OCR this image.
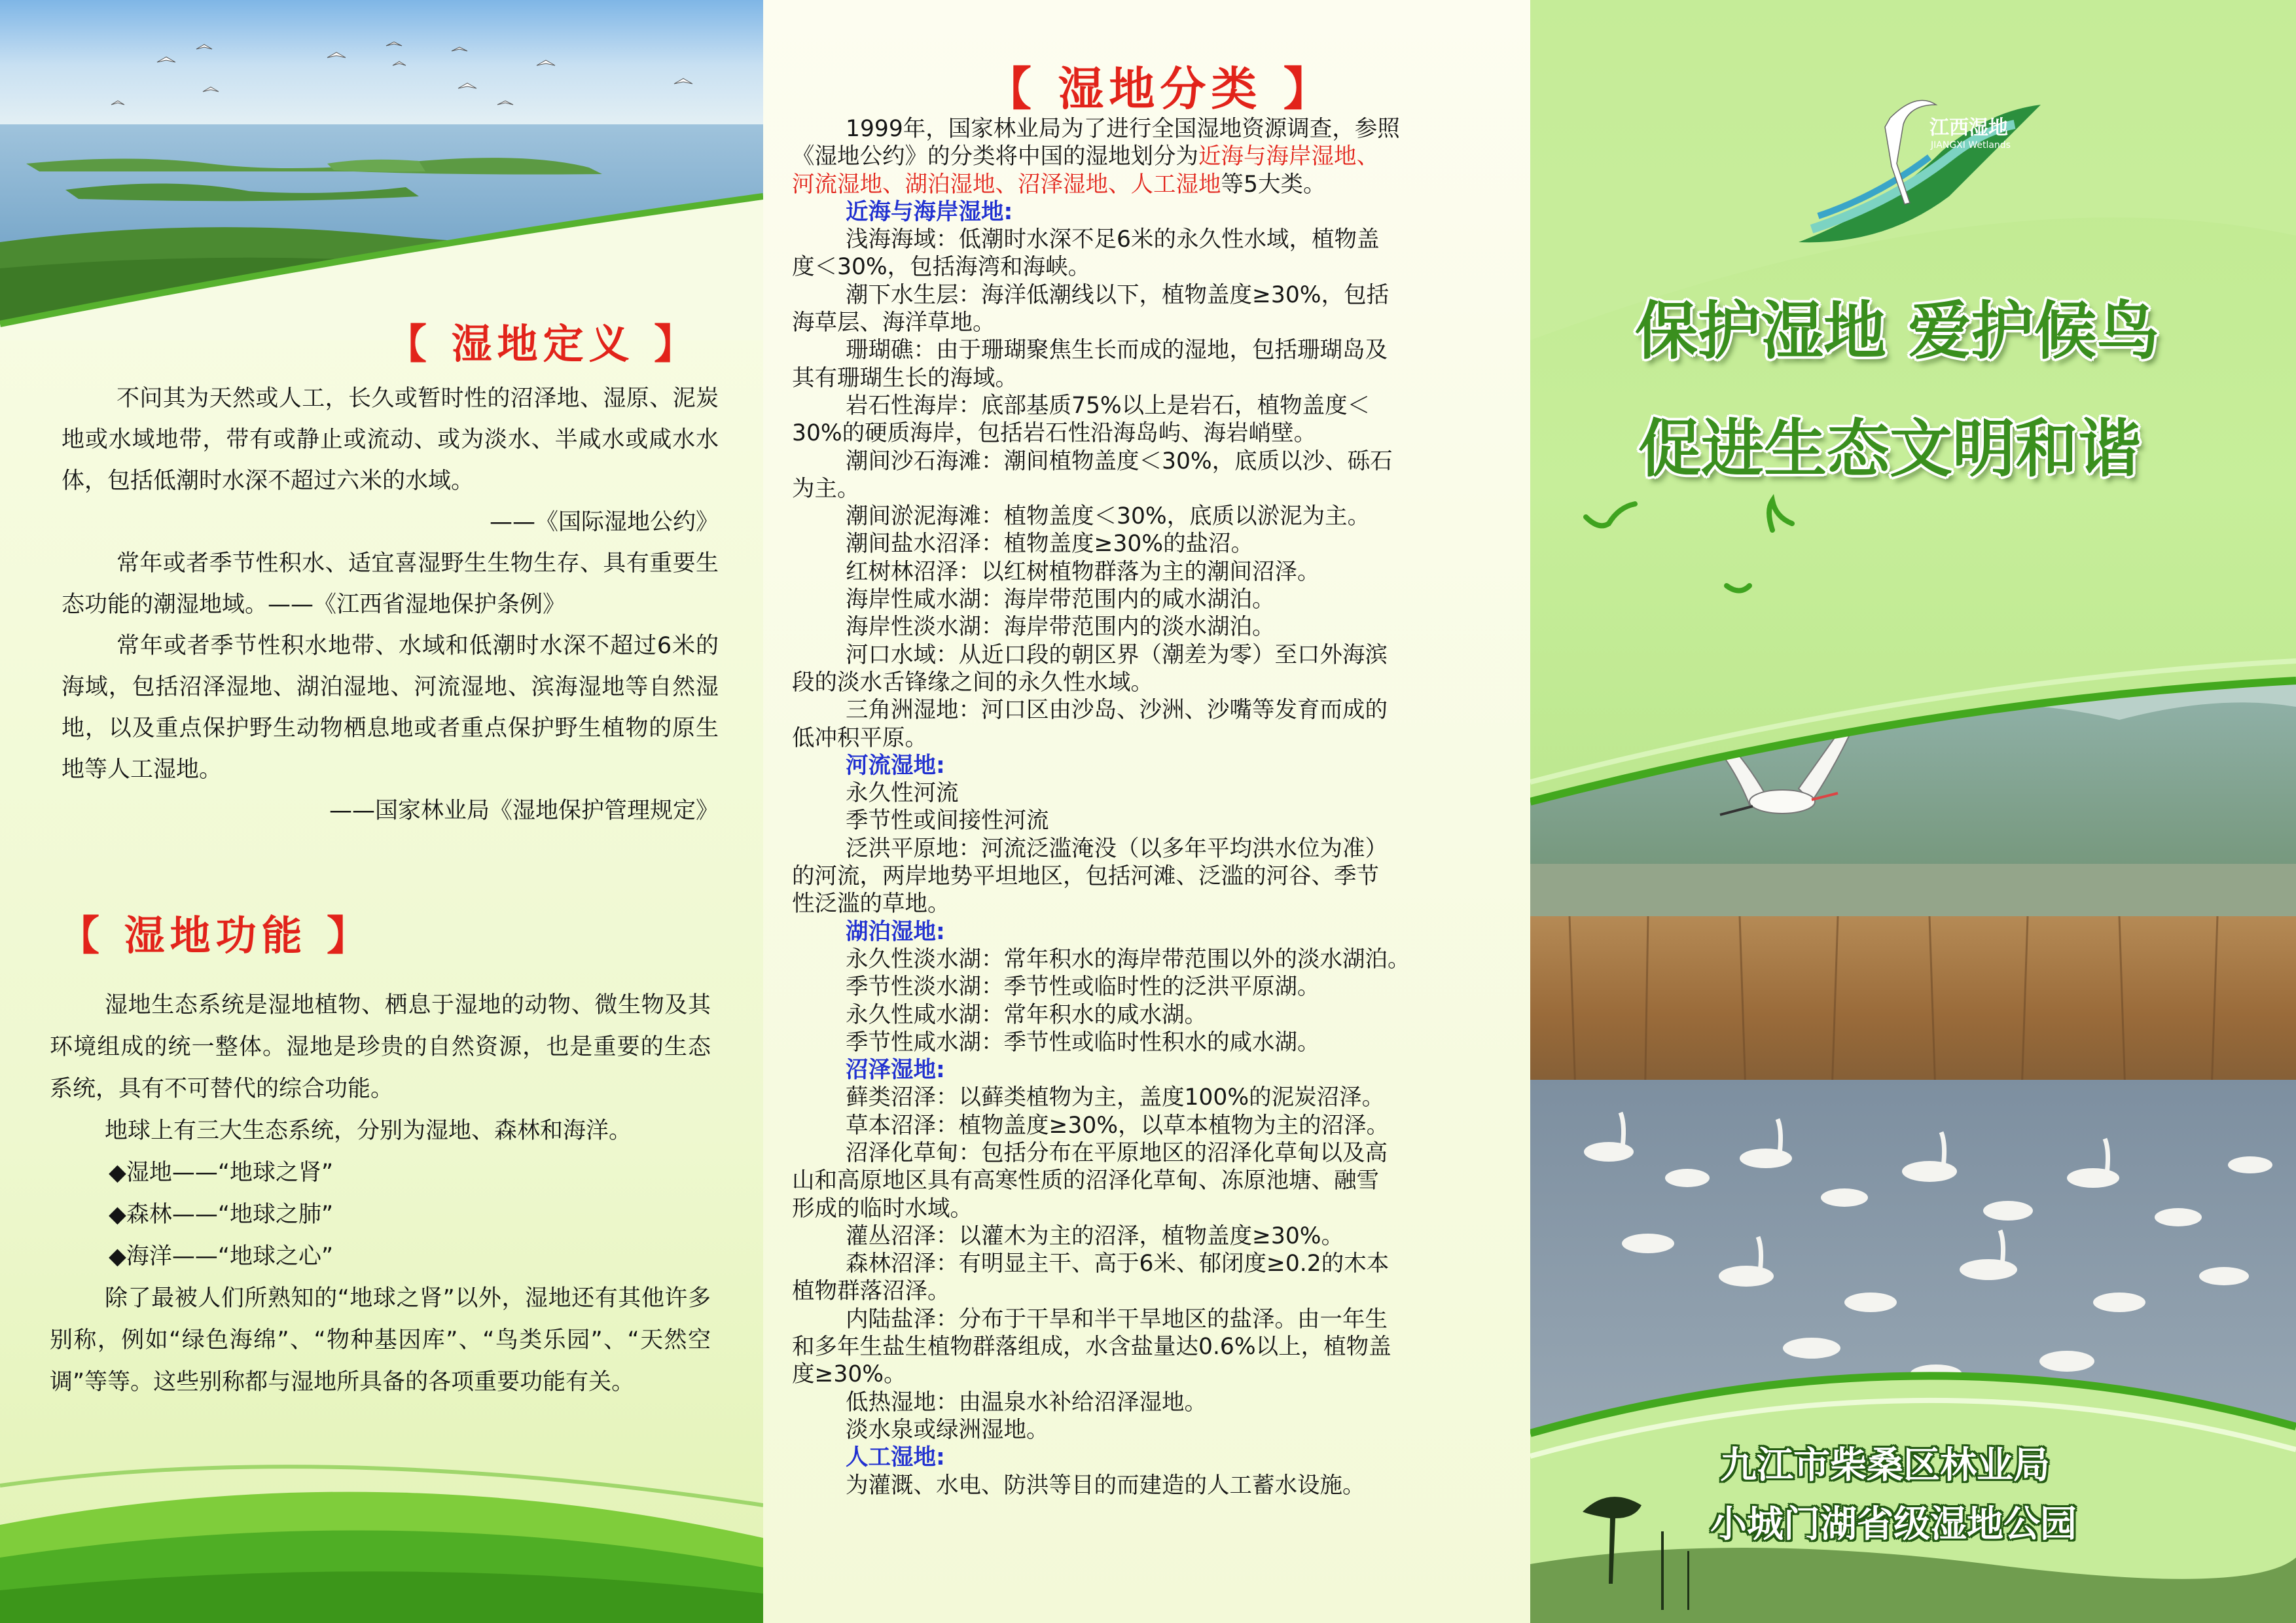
【 湿地定义 】

不问其为天然或人工，长久或暂时性的沼泽地、湿原、泥炭地或水域地带，带有或静止或流动、或为淡水、半咸水或咸水水体，包括低潮时水深不超过六米的水域。

——《国际湿地公约》

常年或者季节性积水、适宜喜湿野生生物生存、具有重要生态功能的潮湿地域。——《江西省湿地保护条例》

常年或者季节性积水地带、水域和低潮时水深不超过6米的海域，包括沼泽湿地、湖泊湿地、河流湿地、滨海湿地等自然湿地，以及重点保护野生动物栖息地或者重点保护野生植物的原生地等人工湿地。

——国家林业局《湿地保护管理规定》

【 湿地功能 】

湿地生态系统是湿地植物、栖息于湿地的动物、微生物及其环境组成的统一整体。湿地是珍贵的自然资源，也是重要的生态系统，具有不可替代的综合功能。

地球上有三大生态系统，分别为湿地、森林和海洋。

◆湿地——“地球之肾”

◆森林——“地球之肺”

◆海洋——“地球之心”

除了最被人们所熟知的“地球之肾”以外，湿地还有其他许多别称，例如“绿色海绵”、“物种基因库”、“鸟类乐园”、“天然空调”等等。这些别称都与湿地所具备的各项重要功能有关。

【 湿地分类 】

1999年，国家林业局为了进行全国湿地资源调查，参照

《湿地公约》的分类将中国的湿地划分为近海与海岸湿地、

河流湿地、湖泊湿地、沼泽湿地、人工湿地等5大类。

近海与海岸湿地:

浅海海域：低潮时水深不足6米的永久性水域，植物盖

度＜30%，包括海湾和海峡。

潮下水生层：海洋低潮线以下，植物盖度≥30%，包括

海草层、海洋草地。

珊瑚礁：由于珊瑚聚焦生长而成的湿地，包括珊瑚岛及

其有珊瑚生长的海域。

岩石性海岸：底部基质75%以上是岩石，植物盖度＜

30%的硬质海岸，包括岩石性沿海岛屿、海岩峭壁。

潮间沙石海滩：潮间植物盖度＜30%，底质以沙、砾石

为主。

潮间淤泥海滩：植物盖度＜30%，底质以淤泥为主。

潮间盐水沼泽：植物盖度≥30%的盐沼。

红树林沼泽：以红树植物群落为主的潮间沼泽。

海岸性咸水湖：海岸带范围内的咸水湖泊。

海岸性淡水湖：海岸带范围内的淡水湖泊。

河口水域：从近口段的朝区界（潮差为零）至口外海滨

段的淡水舌锋缘之间的永久性水域。

三角洲湿地：河口区由沙岛、沙洲、沙嘴等发育而成的

低冲积平原。

河流湿地:

永久性河流

季节性或间接性河流

泛洪平原地：河流泛滥淹没（以多年平均洪水位为准）

的河流，两岸地势平坦地区，包括河滩、泛滥的河谷、季节

性泛滥的草地。

湖泊湿地:

永久性淡水湖：常年积水的海岸带范围以外的淡水湖泊。

季节性淡水湖：季节性或临时性的泛洪平原湖。

永久性咸水湖：常年积水的咸水湖。

季节性咸水湖：季节性或临时性积水的咸水湖。

沼泽湿地:

藓类沼泽：以藓类植物为主，盖度100%的泥炭沼泽。

草本沼泽：植物盖度≥30%，以草本植物为主的沼泽。

沼泽化草甸：包括分布在平原地区的沼泽化草甸以及高

山和高原地区具有高寒性质的沼泽化草甸、冻原池塘、融雪

形成的临时水域。

灌丛沼泽：以灌木为主的沼泽，植物盖度≥30%。

森林沼泽：有明显主干、高于6米、郁闭度≥0.2的木本

植物群落沼泽。

内陆盐泽：分布于干旱和半干旱地区的盐泽。由一年生

和多年生盐生植物群落组成，水含盐量达0.6%以上，植物盖

度≥30%。

低热湿地：由温泉水补给沼泽湿地。

淡水泉或绿洲湿地。

人工湿地:

为灌溉、水电、防洪等目的而建造的人工蓄水设施。

江西湿地
JIANGXI Wetlands
保护湿地 爱护候鸟
促进生态文明和谐
九江市柴桑区林业局
小城门湖省级湿地公园
